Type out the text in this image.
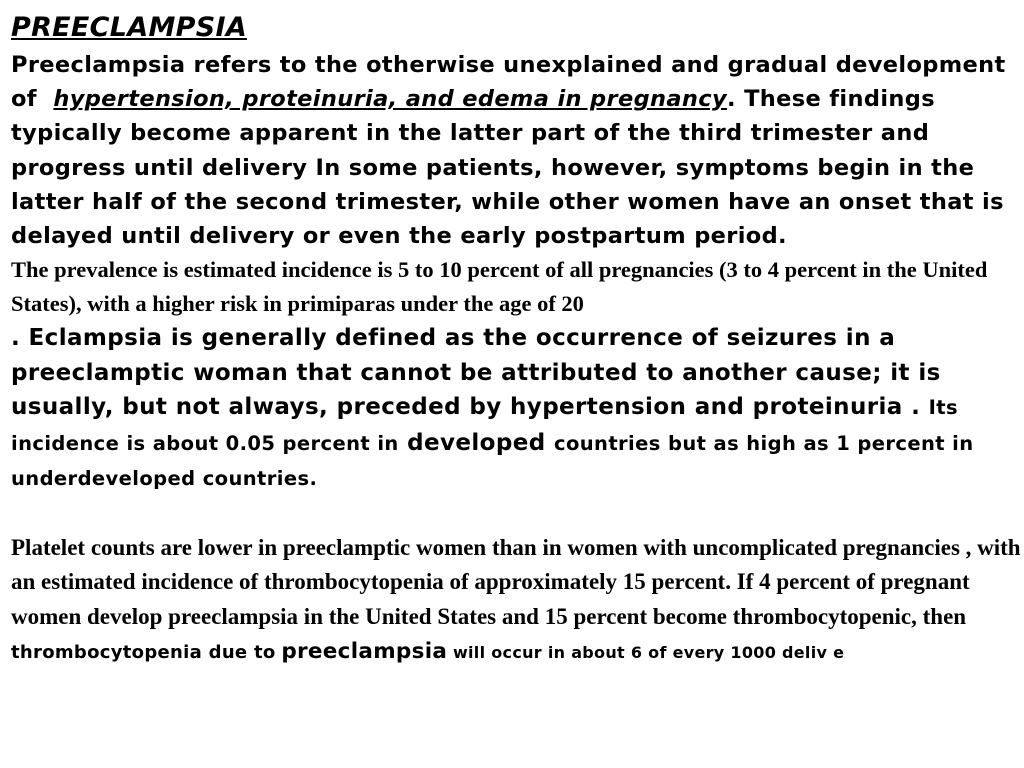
PREECLAMPSIA

Preeclampsia refers to the otherwise unexplained and gradual development of hypertension, proteinuria, and edema in pregnancy. These findings typically become apparent in the latter part of the third trimester and progress until delivery In some patients, however, symptoms begin in the latter half of the second trimester, while other women have an onset that is delayed until delivery or even the early postpartum period.

The prevalence is estimated incidence is 5 to 10 percent of all pregnancies (3 to 4 percent in the United States), with a higher risk in primiparas under the age of 20

. Eclampsia is generally defined as the occurrence of seizures in a preeclamptic woman that cannot be attributed to another cause; it is usually, but not always, preceded by hypertension and proteinuria . Its incidence is about 0.05 percent in developed countries but as high as 1 percent in underdeveloped countries.

Platelet counts are lower in preeclamptic women than in women with uncomplicated pregnancies , with an estimated incidence of thrombocytopenia of approximately 15 percent. If 4 percent of pregnant women develop preeclampsia in the United States and 15 percent become thrombocytopenic, then thrombocytopenia due to preeclampsia will occur in about 6 of every 1000 deliv e
